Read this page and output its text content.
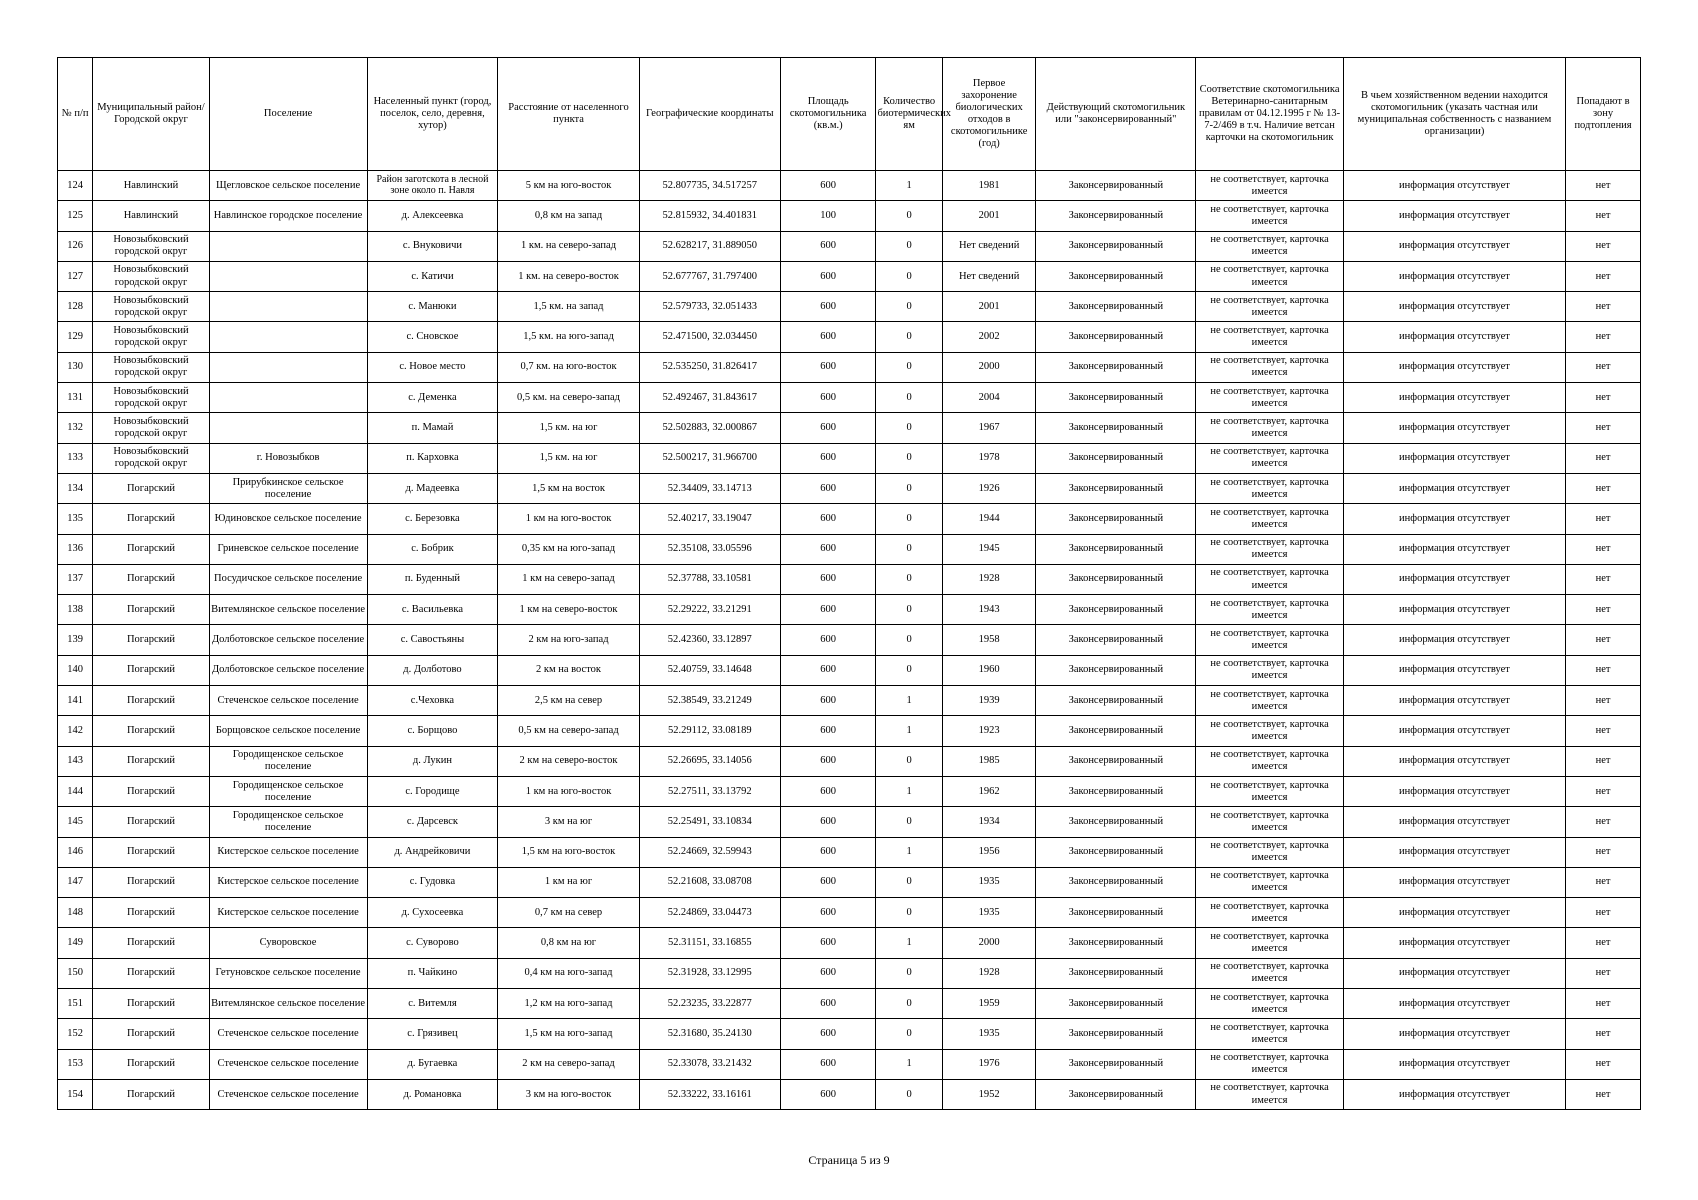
№ п/п	Муниципальный район/Городской округ	Поселение	Населенный пункт (город, поселок, село, деревня, хутор)	Расстояние от населенного пункта	Географические координаты	Площадь скотомогильника (кв.м.)	Количество биотермических ям	Первое захоронение биологических отходов в скотомогильнике (год)	Действующий скотомогильник или "законсервированный"	Соответствие скотомогильника Ветеринарно-санитарным правилам от 04.12.1995 г № 13-7-2/469 в т.ч. Наличие ветсан карточки на скотомогильник	В чьем хозяйственном ведении находится скотомогильник (указать частная или муниципальная собственность с названием организации)	Попадают в зону подтопления
124	Навлинский	Щегловское сельское поселение	Район заготскота в лесной зоне около п. Навля	5 км на юго-восток	52.807735, 34.517257	600	1	1981	Законсервированный	не соответствует, карточка имеется	информация отсутствует	нет
125	Навлинский	Навлинское городское поселение	д. Алексеевка	0,8 км на запад	52.815932, 34.401831	100	0	2001	Законсервированный	не соответствует, карточка имеется	информация отсутствует	нет
126	Новозыбковский городской округ		с. Внуковичи	1 км. на северо-запад	52.628217, 31.889050	600	0	Нет сведений	Законсервированный	не соответствует, карточка имеется	информация отсутствует	нет
127	Новозыбковский городской округ		с. Катичи	1 км. на северо-восток	52.677767, 31.797400	600	0	Нет сведений	Законсервированный	не соответствует, карточка имеется	информация отсутствует	нет
128	Новозыбковский городской округ		с. Манюки	1,5 км. на запад	52.579733, 32.051433	600	0	2001	Законсервированный	не соответствует, карточка имеется	информация отсутствует	нет
129	Новозыбковский городской округ		с. Сновское	1,5 км. на юго-запад	52.471500, 32.034450	600	0	2002	Законсервированный	не соответствует, карточка имеется	информация отсутствует	нет
130	Новозыбковский городской округ		с. Новое место	0,7 км. на юго-восток	52.535250, 31.826417	600	0	2000	Законсервированный	не соответствует, карточка имеется	информация отсутствует	нет
131	Новозыбковский городской округ		с. Деменка	0,5 км. на северо-запад	52.492467, 31.843617	600	0	2004	Законсервированный	не соответствует, карточка имеется	информация отсутствует	нет
132	Новозыбковский городской округ		п. Мамай	1,5 км. на юг	52.502883, 32.000867	600	0	1967	Законсервированный	не соответствует, карточка имеется	информация отсутствует	нет
133	Новозыбковский городской округ	г. Новозыбков	п. Карховка	1,5 км. на юг	52.500217, 31.966700	600	0	1978	Законсервированный	не соответствует, карточка имеется	информация отсутствует	нет
134	Погарский	Прирубкинское сельское поселение	д. Мадеевка	1,5 км на восток	52.34409, 33.14713	600	0	1926	Законсервированный	не соответствует, карточка имеется	информация отсутствует	нет
135	Погарский	Юдиновское сельское поселение	с. Березовка	1 км на юго-восток	52.40217, 33.19047	600	0	1944	Законсервированный	не соответствует, карточка имеется	информация отсутствует	нет
136	Погарский	Гриневское сельское поселение	с. Бобрик	0,35 км на юго-запад	52.35108, 33.05596	600	0	1945	Законсервированный	не соответствует, карточка имеется	информация отсутствует	нет
137	Погарский	Посудичское сельское поселение	п. Буденный	1 км на северо-запад	52.37788, 33.10581	600	0	1928	Законсервированный	не соответствует, карточка имеется	информация отсутствует	нет
138	Погарский	Витемлянское сельское поселение	с. Васильевка	1 км на северо-восток	52.29222, 33.21291	600	0	1943	Законсервированный	не соответствует, карточка имеется	информация отсутствует	нет
139	Погарский	Долботовское сельское поселение	с. Савостьяны	2 км на юго-запад	52.42360, 33.12897	600	0	1958	Законсервированный	не соответствует, карточка имеется	информация отсутствует	нет
140	Погарский	Долботовское сельское поселение	д. Долботово	2 км на восток	52.40759, 33.14648	600	0	1960	Законсервированный	не соответствует, карточка имеется	информация отсутствует	нет
141	Погарский	Стеченское сельское поселение	с.Чеховка	2,5 км на север	52.38549, 33.21249	600	1	1939	Законсервированный	не соответствует, карточка имеется	информация отсутствует	нет
142	Погарский	Борщовское сельское поселение	с. Борщово	0,5 км на северо-запад	52.29112, 33.08189	600	1	1923	Законсервированный	не соответствует, карточка имеется	информация отсутствует	нет
143	Погарский	Городищенское сельское поселение	д. Лукин	2 км на северо-восток	52.26695, 33.14056	600	0	1985	Законсервированный	не соответствует, карточка имеется	информация отсутствует	нет
144	Погарский	Городищенское сельское поселение	с. Городище	1 км на юго-восток	52.27511, 33.13792	600	1	1962	Законсервированный	не соответствует, карточка имеется	информация отсутствует	нет
145	Погарский	Городищенское сельское поселение	с. Дарсевск	3 км на юг	52.25491, 33.10834	600	0	1934	Законсервированный	не соответствует, карточка имеется	информация отсутствует	нет
146	Погарский	Кистерское сельское поселение	д. Андрейковичи	1,5 км на юго-восток	52.24669, 32.59943	600	1	1956	Законсервированный	не соответствует, карточка имеется	информация отсутствует	нет
147	Погарский	Кистерское сельское поселение	с. Гудовка	1 км на юг	52.21608, 33.08708	600	0	1935	Законсервированный	не соответствует, карточка имеется	информация отсутствует	нет
148	Погарский	Кистерское сельское поселение	д. Сухосеевка	0,7 км на север	52.24869, 33.04473	600	0	1935	Законсервированный	не соответствует, карточка имеется	информация отсутствует	нет
149	Погарский	Суворовское	с. Суворово	0,8 км на юг	52.31151, 33.16855	600	1	2000	Законсервированный	не соответствует, карточка имеется	информация отсутствует	нет
150	Погарский	Гетуновское сельское поселение	п. Чайкино	0,4 км на юго-запад	52.31928, 33.12995	600	0	1928	Законсервированный	не соответствует, карточка имеется	информация отсутствует	нет
151	Погарский	Витемлянское сельское поселение	с. Витемля	1,2 км на юго-запад	52.23235, 33.22877	600	0	1959	Законсервированный	не соответствует, карточка имеется	информация отсутствует	нет
152	Погарский	Стеченское сельское поселение	с. Грязивец	1,5 км на юго-запад	52.31680, 35.24130	600	0	1935	Законсервированный	не соответствует, карточка имеется	информация отсутствует	нет
153	Погарский	Стеченское сельское поселение	д. Бугаевка	2 км на северо-запад	52.33078, 33.21432	600	1	1976	Законсервированный	не соответствует, карточка имеется	информация отсутствует	нет
154	Погарский	Стеченское сельское поселение	д. Романовка	3 км на юго-восток	52.33222, 33.16161	600	0	1952	Законсервированный	не соответствует, карточка имеется	информация отсутствует	нет
Страница 5 из 9
